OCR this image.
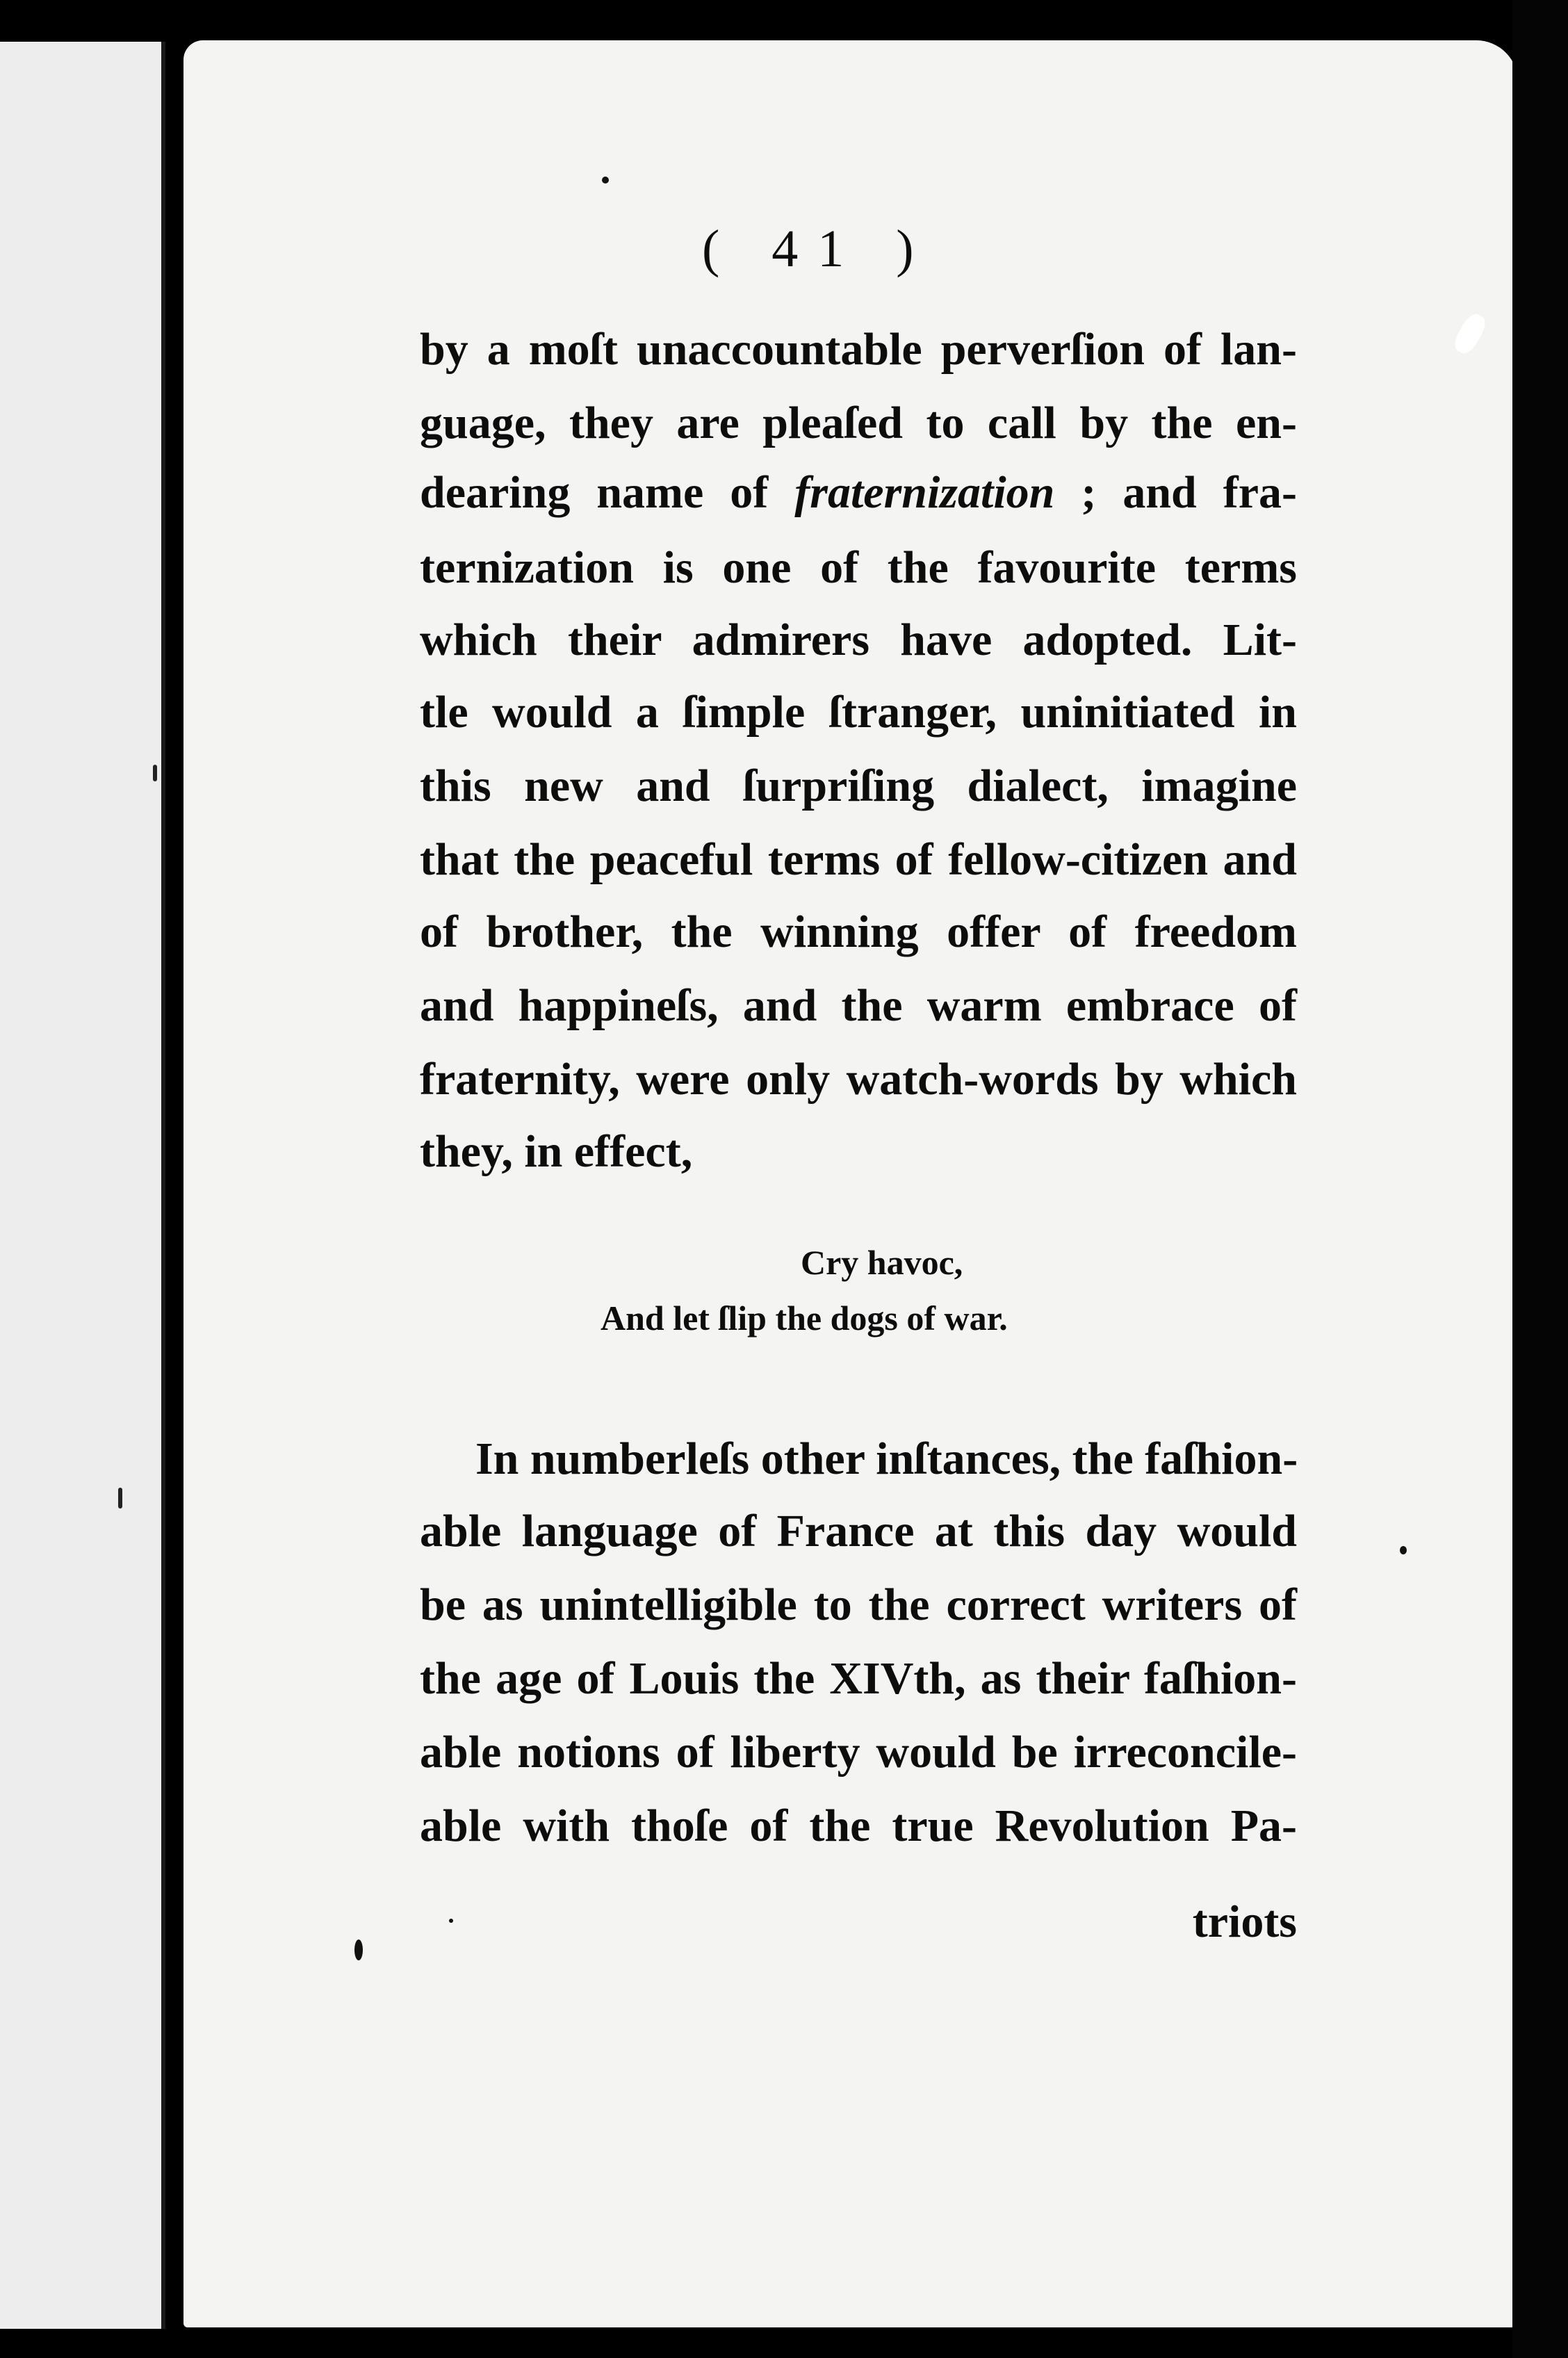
( 41 )
by a moſt unaccountable perverſion of lan-
guage, they are pleaſed to call by the en-
dearing name of fraternization ; and fra-
ternization is one of the favourite terms
which their admirers have adopted. Lit-
tle would a ſimple ſtranger, uninitiated in
this new and ſurpriſing dialect, imagine
that the peaceful terms of fellow-citizen and
of brother, the winning offer of freedom
and happineſs, and the warm embrace of
fraternity, were only watch-words by which
they, in effect,
Cry havoc,
And let ſlip the dogs of war.
In numberleſs other inſtances, the faſhion-
able language of France at this day would
be as unintelligible to the correct writers of
the age of Louis the XIVth, as their faſhion-
able notions of liberty would be irreconcile-
able with thoſe of the true Revolution Pa-
triots
